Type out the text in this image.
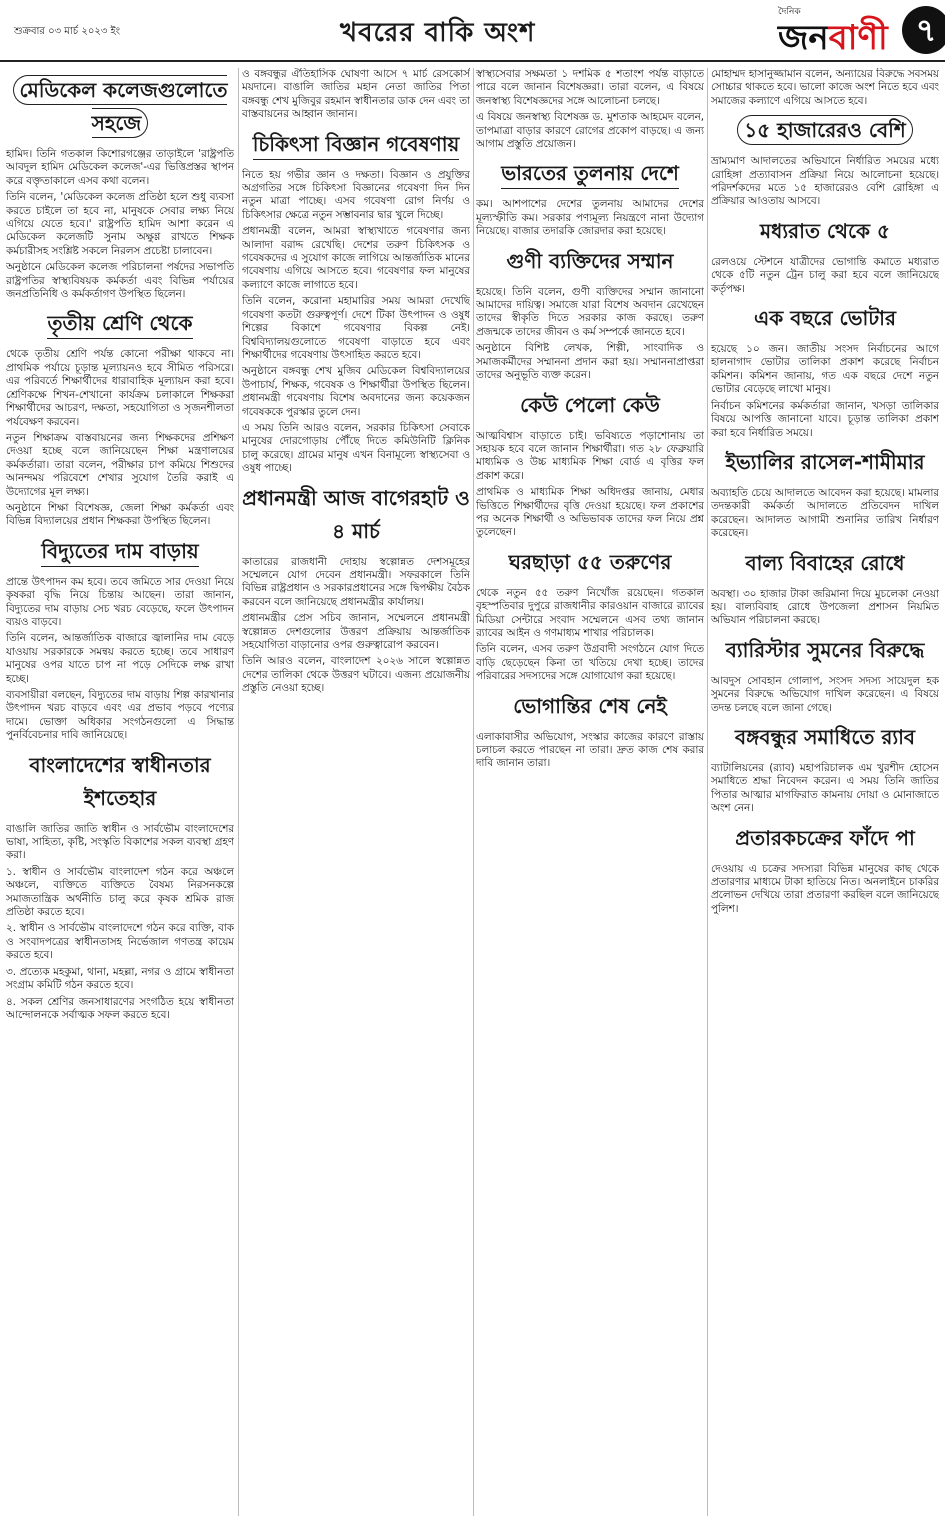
শুক্রবার ০৩ মার্চ ২০২৩ ইং	খবরের বাকি অংশ
দৈনিক
জনবাণী ৭
মেডিকেল কলেজগুলোতে সহজে

হামিদ। তিনি গতকাল কিশোরগঞ্জের তাড়াইলে 'রাষ্ট্রপতি আবদুল হামিদ মেডিকেল কলেজ'-এর ভিত্তিপ্রস্তর স্থাপন করে বক্তৃতাকালে এসব কথা বলেন।

তিনি বলেন, 'মেডিকেল কলেজ প্রতিষ্ঠা হলে শুধু ব্যবসা করতে চাইলে তা হবে না, মানুষকে সেবার লক্ষ্য নিয়ে এগিয়ে যেতে হবে।' রাষ্ট্রপতি হামিদ আশা করেন এ মেডিকেল কলেজটি সুনাম অক্ষুণ্ণ রাখতে শিক্ষক কর্মচারীসহ সংশ্লিষ্ট সকলে নিরলস প্রচেষ্টা চালাবেন।

অনুষ্ঠানে মেডিকেল কলেজ পরিচালনা পর্ষদের সভাপতি রাষ্ট্রপতির স্বাস্থ্যবিষয়ক কর্মকর্তা এবং বিভিন্ন পর্যায়ের জনপ্রতিনিধি ও কর্মকর্তাগণ উপস্থিত ছিলেন।

তৃতীয় শ্রেণি থেকে

থেকে তৃতীয় শ্রেণি পর্যন্ত কোনো পরীক্ষা থাকবে না। প্রাথমিক পর্যায়ে চূড়ান্ত মূল্যায়নও হবে সীমিত পরিসরে। এর পরিবর্তে শিক্ষার্থীদের ধারাবাহিক মূল্যায়ন করা হবে। শ্রেণিকক্ষে শিখন-শেখানো কার্যক্রম চলাকালে শিক্ষকরা শিক্ষার্থীদের আচরণ, দক্ষতা, সহযোগিতা ও সৃজনশীলতা পর্যবেক্ষণ করবেন।

নতুন শিক্ষাক্রম বাস্তবায়নের জন্য শিক্ষকদের প্রশিক্ষণ দেওয়া হচ্ছে বলে জানিয়েছেন শিক্ষা মন্ত্রণালয়ের কর্মকর্তারা। তারা বলেন, পরীক্ষার চাপ কমিয়ে শিশুদের আনন্দময় পরিবেশে শেখার সুযোগ তৈরি করাই এ উদ্যোগের মূল লক্ষ্য।

অনুষ্ঠানে শিক্ষা বিশেষজ্ঞ, জেলা শিক্ষা কর্মকর্তা এবং বিভিন্ন বিদ্যালয়ের প্রধান শিক্ষকরা উপস্থিত ছিলেন।

বিদ্যুতের দাম বাড়ায়

প্রান্তে উৎপাদন কম হবে। তবে জমিতে সার দেওয়া নিয়ে কৃষকরা বৃদ্ধি নিয়ে চিন্তায় আছেন। তারা জানান, বিদ্যুতের দাম বাড়ায় সেচ খরচ বেড়েছে, ফলে উৎপাদন ব্যয়ও বাড়বে।

তিনি বলেন, আন্তর্জাতিক বাজারে জ্বালানির দাম বেড়ে যাওয়ায় সরকারকে সমন্বয় করতে হচ্ছে। তবে সাধারণ মানুষের ওপর যাতে চাপ না পড়ে সেদিকে লক্ষ রাখা হচ্ছে।

ব্যবসায়ীরা বলছেন, বিদ্যুতের দাম বাড়ায় শিল্প কারখানার উৎপাদন খরচ বাড়বে এবং এর প্রভাব পড়বে পণ্যের দামে। ভোক্তা অধিকার সংগঠনগুলো এ সিদ্ধান্ত পুনর্বিবেচনার দাবি জানিয়েছে।

বাংলাদেশের স্বাধীনতার ইশতেহার

বাঙালি জাতির জাতি স্বাধীন ও সার্বভৌম বাংলাদেশের ভাষা, সাহিত্য, কৃষ্টি, সংস্কৃতি বিকাশের সকল ব্যবস্থা গ্রহণ করা।

১. স্বাধীন ও সার্বভৌম বাংলাদেশ গঠন করে অঞ্চলে অঞ্চলে, ব্যক্তিতে ব্যক্তিতে বৈষম্য নিরসনকল্পে সমাজতান্ত্রিক অর্থনীতি চালু করে কৃষক শ্রমিক রাজ প্রতিষ্ঠা করতে হবে।

২. স্বাধীন ও সার্বভৌম বাংলাদেশে গঠন করে ব্যক্তি, বাক ও সংবাদপত্রের স্বাধীনতাসহ নির্ভেজাল গণতন্ত্র কায়েম করতে হবে।

৩. প্রত্যেক মহকুমা, থানা, মহল্লা, নগর ও গ্রামে স্বাধীনতা সংগ্রাম কমিটি গঠন করতে হবে।

৪. সকল শ্রেণির জনসাধারণের সংগঠিত হয়ে স্বাধীনতা আন্দোলনকে সর্বাত্মক সফল করতে হবে।

ও বঙ্গবন্ধুর ঐতিহাসিক ঘোষণা আসে ৭ মার্চ রেসকোর্স ময়দানে। বাঙালি জাতির মহান নেতা জাতির পিতা বঙ্গবন্ধু শেখ মুজিবুর রহমান স্বাধীনতার ডাক দেন এবং তা বাস্তবায়নের আহ্বান জানান।

চিকিৎসা বিজ্ঞান গবেষণায়

নিতে হয় গভীর জ্ঞান ও দক্ষতা। বিজ্ঞান ও প্রযুক্তির অগ্রগতির সঙ্গে চিকিৎসা বিজ্ঞানের গবেষণা দিন দিন নতুন মাত্রা পাচ্ছে। এসব গবেষণা রোগ নির্ণয় ও চিকিৎসার ক্ষেত্রে নতুন সম্ভাবনার দ্বার খুলে দিচ্ছে।

প্রধানমন্ত্রী বলেন, আমরা স্বাস্থ্যখাতে গবেষণার জন্য আলাদা বরাদ্দ রেখেছি। দেশের তরুণ চিকিৎসক ও গবেষকদের এ সুযোগ কাজে লাগিয়ে আন্তর্জাতিক মানের গবেষণায় এগিয়ে আসতে হবে। গবেষণার ফল মানুষের কল্যাণে কাজে লাগাতে হবে।

তিনি বলেন, করোনা মহামারির সময় আমরা দেখেছি গবেষণা কতটা গুরুত্বপূর্ণ। দেশে টিকা উৎপাদন ও ওষুধ শিল্পের বিকাশে গবেষণার বিকল্প নেই। বিশ্ববিদ্যালয়গুলোতে গবেষণা বাড়াতে হবে এবং শিক্ষার্থীদের গবেষণায় উৎসাহিত করতে হবে।

অনুষ্ঠানে বঙ্গবন্ধু শেখ মুজিব মেডিকেল বিশ্ববিদ্যালয়ের উপাচার্য, শিক্ষক, গবেষক ও শিক্ষার্থীরা উপস্থিত ছিলেন। প্রধানমন্ত্রী গবেষণায় বিশেষ অবদানের জন্য কয়েকজন গবেষককে পুরস্কার তুলে দেন।

এ সময় তিনি আরও বলেন, সরকার চিকিৎসা সেবাকে মানুষের দোরগোড়ায় পৌঁছে দিতে কমিউনিটি ক্লিনিক চালু করেছে। গ্রামের মানুষ এখন বিনামূল্যে স্বাস্থ্যসেবা ও ওষুধ পাচ্ছে।

প্রধানমন্ত্রী আজ বাগেরহাট ও ৪ মার্চ

কাতারের রাজধানী দোহায় স্বল্পোন্নত দেশসমূহের সম্মেলনে যোগ দেবেন প্রধানমন্ত্রী। সফরকালে তিনি বিভিন্ন রাষ্ট্রপ্রধান ও সরকারপ্রধানের সঙ্গে দ্বিপক্ষীয় বৈঠক করবেন বলে জানিয়েছে প্রধানমন্ত্রীর কার্যালয়।

প্রধানমন্ত্রীর প্রেস সচিব জানান, সম্মেলনে প্রধানমন্ত্রী স্বল্পোন্নত দেশগুলোর উত্তরণ প্রক্রিয়ায় আন্তর্জাতিক সহযোগিতা বাড়ানোর ওপর গুরুত্বারোপ করবেন।

তিনি আরও বলেন, বাংলাদেশ ২০২৬ সালে স্বল্পোন্নত দেশের তালিকা থেকে উত্তরণ ঘটাবে। এজন্য প্রয়োজনীয় প্রস্তুতি নেওয়া হচ্ছে।

স্বাস্থ্যসেবার সক্ষমতা ১ দশমিক ৫ শতাংশ পর্যন্ত বাড়াতে পারে বলে জানান বিশেষজ্ঞরা। তারা বলেন, এ বিষয়ে জনস্বাস্থ্য বিশেষজ্ঞদের সঙ্গে আলোচনা চলছে।

এ বিষয়ে জনস্বাস্থ্য বিশেষজ্ঞ ড. মুশতাক আহমেদ বলেন, তাপমাত্রা বাড়ার কারণে রোগের প্রকোপ বাড়ছে। এ জন্য আগাম প্রস্তুতি প্রয়োজন।

ভারতের তুলনায় দেশে

কম। আশপাশের দেশের তুলনায় আমাদের দেশের মূল্যস্ফীতি কম। সরকার পণ্যমূল্য নিয়ন্ত্রণে নানা উদ্যোগ নিয়েছে। বাজার তদারকি জোরদার করা হয়েছে।

গুণী ব্যক্তিদের সম্মান

হয়েছে। তিনি বলেন, গুণী ব্যক্তিদের সম্মান জানানো আমাদের দায়িত্ব। সমাজে যারা বিশেষ অবদান রেখেছেন তাদের স্বীকৃতি দিতে সরকার কাজ করছে। তরুণ প্রজন্মকে তাদের জীবন ও কর্ম সম্পর্কে জানতে হবে।

অনুষ্ঠানে বিশিষ্ট লেখক, শিল্পী, সাংবাদিক ও সমাজকর্মীদের সম্মাননা প্রদান করা হয়। সম্মাননাপ্রাপ্তরা তাদের অনুভূতি ব্যক্ত করেন।

কেউ পেলো কেউ

আত্মবিশ্বাস বাড়াতে চাই। ভবিষ্যতে পড়াশোনায় তা সহায়ক হবে বলে জানান শিক্ষার্থীরা। গত ২৮ ফেব্রুয়ারি মাধ্যমিক ও উচ্চ মাধ্যমিক শিক্ষা বোর্ড এ বৃত্তির ফল প্রকাশ করে।

প্রাথমিক ও মাধ্যমিক শিক্ষা অধিদপ্তর জানায়, মেধার ভিত্তিতে শিক্ষার্থীদের বৃত্তি দেওয়া হয়েছে। ফল প্রকাশের পর অনেক শিক্ষার্থী ও অভিভাবক তাদের ফল নিয়ে প্রশ্ন তুলেছেন।

ঘরছাড়া ৫৫ তরুণের

থেকে নতুন ৫৫ তরুণ নিখোঁজ রয়েছেন। গতকাল বৃহস্পতিবার দুপুরে রাজধানীর কারওয়ান বাজারে র‍্যাবের মিডিয়া সেন্টারে সংবাদ সম্মেলনে এসব তথ্য জানান র‍্যাবের আইন ও গণমাধ্যম শাখার পরিচালক।

তিনি বলেন, এসব তরুণ উগ্রবাদী সংগঠনে যোগ দিতে বাড়ি ছেড়েছেন কিনা তা খতিয়ে দেখা হচ্ছে। তাদের পরিবারের সদস্যদের সঙ্গে যোগাযোগ করা হয়েছে।

ভোগান্তির শেষ নেই

এলাকাবাসীর অভিযোগ, সংস্কার কাজের কারণে রাস্তায় চলাচল করতে পারছেন না তারা। দ্রুত কাজ শেষ করার দাবি জানান তারা।

মোহাম্মদ হাসানুজ্জামান বলেন, অন্যায়ের বিরুদ্ধে সবসময় সোচ্চার থাকতে হবে। ভালো কাজে অংশ নিতে হবে এবং সমাজের কল্যাণে এগিয়ে আসতে হবে।

১৫ হাজারেরও বেশি

ভ্রাম্যমাণ আদালতের অভিযানে নির্ধারিত সময়ের মধ্যে রোহিঙ্গা প্রত্যাবাসন প্রক্রিয়া নিয়ে আলোচনা হয়েছে। পরিদর্শকদের মতে ১৫ হাজারেরও বেশি রোহিঙ্গা এ প্রক্রিয়ার আওতায় আসবে।

মধ্যরাত থেকে ৫

রেলওয়ে স্টেশনে যাত্রীদের ভোগান্তি কমাতে মধ্যরাত থেকে ৫টি নতুন ট্রেন চালু করা হবে বলে জানিয়েছে কর্তৃপক্ষ।

এক বছরে ভোটার

হয়েছে ১০ জন। জাতীয় সংসদ নির্বাচনের আগে হালনাগাদ ভোটার তালিকা প্রকাশ করেছে নির্বাচন কমিশন। কমিশন জানায়, গত এক বছরে দেশে নতুন ভোটার বেড়েছে লাখো মানুষ।

নির্বাচন কমিশনের কর্মকর্তারা জানান, খসড়া তালিকার বিষয়ে আপত্তি জানানো যাবে। চূড়ান্ত তালিকা প্রকাশ করা হবে নির্ধারিত সময়ে।

ইভ্যালির রাসেল-শামীমার

অব্যাহতি চেয়ে আদালতে আবেদন করা হয়েছে। মামলার তদন্তকারী কর্মকর্তা আদালতে প্রতিবেদন দাখিল করেছেন। আদালত আগামী শুনানির তারিখ নির্ধারণ করেছেন।

বাল্য বিবাহের রোধে

অবস্থা। ৩০ হাজার টাকা জরিমানা দিয়ে মুচলেকা নেওয়া হয়। বাল্যবিবাহ রোধে উপজেলা প্রশাসন নিয়মিত অভিযান পরিচালনা করছে।

ব্যারিস্টার সুমনের বিরুদ্ধে

আবদুস সোবহান গোলাপ, সংসদ সদস্য সায়েদুল হক সুমনের বিরুদ্ধে অভিযোগ দাখিল করেছেন। এ বিষয়ে তদন্ত চলছে বলে জানা গেছে।

বঙ্গবন্ধুর সমাধিতে র‍্যাব

ব্যাটালিয়নের (র‍্যাব) মহাপরিচালক এম খুরশীদ হোসেন সমাধিতে শ্রদ্ধা নিবেদন করেন। এ সময় তিনি জাতির পিতার আত্মার মাগফিরাত কামনায় দোয়া ও মোনাজাতে অংশ নেন।

প্রতারকচক্রের ফাঁদে পা

দেওয়ায় এ চক্রের সদস্যরা বিভিন্ন মানুষের কাছ থেকে প্রতারণার মাধ্যমে টাকা হাতিয়ে নিত। অনলাইনে চাকরির প্রলোভন দেখিয়ে তারা প্রতারণা করছিল বলে জানিয়েছে পুলিশ।
